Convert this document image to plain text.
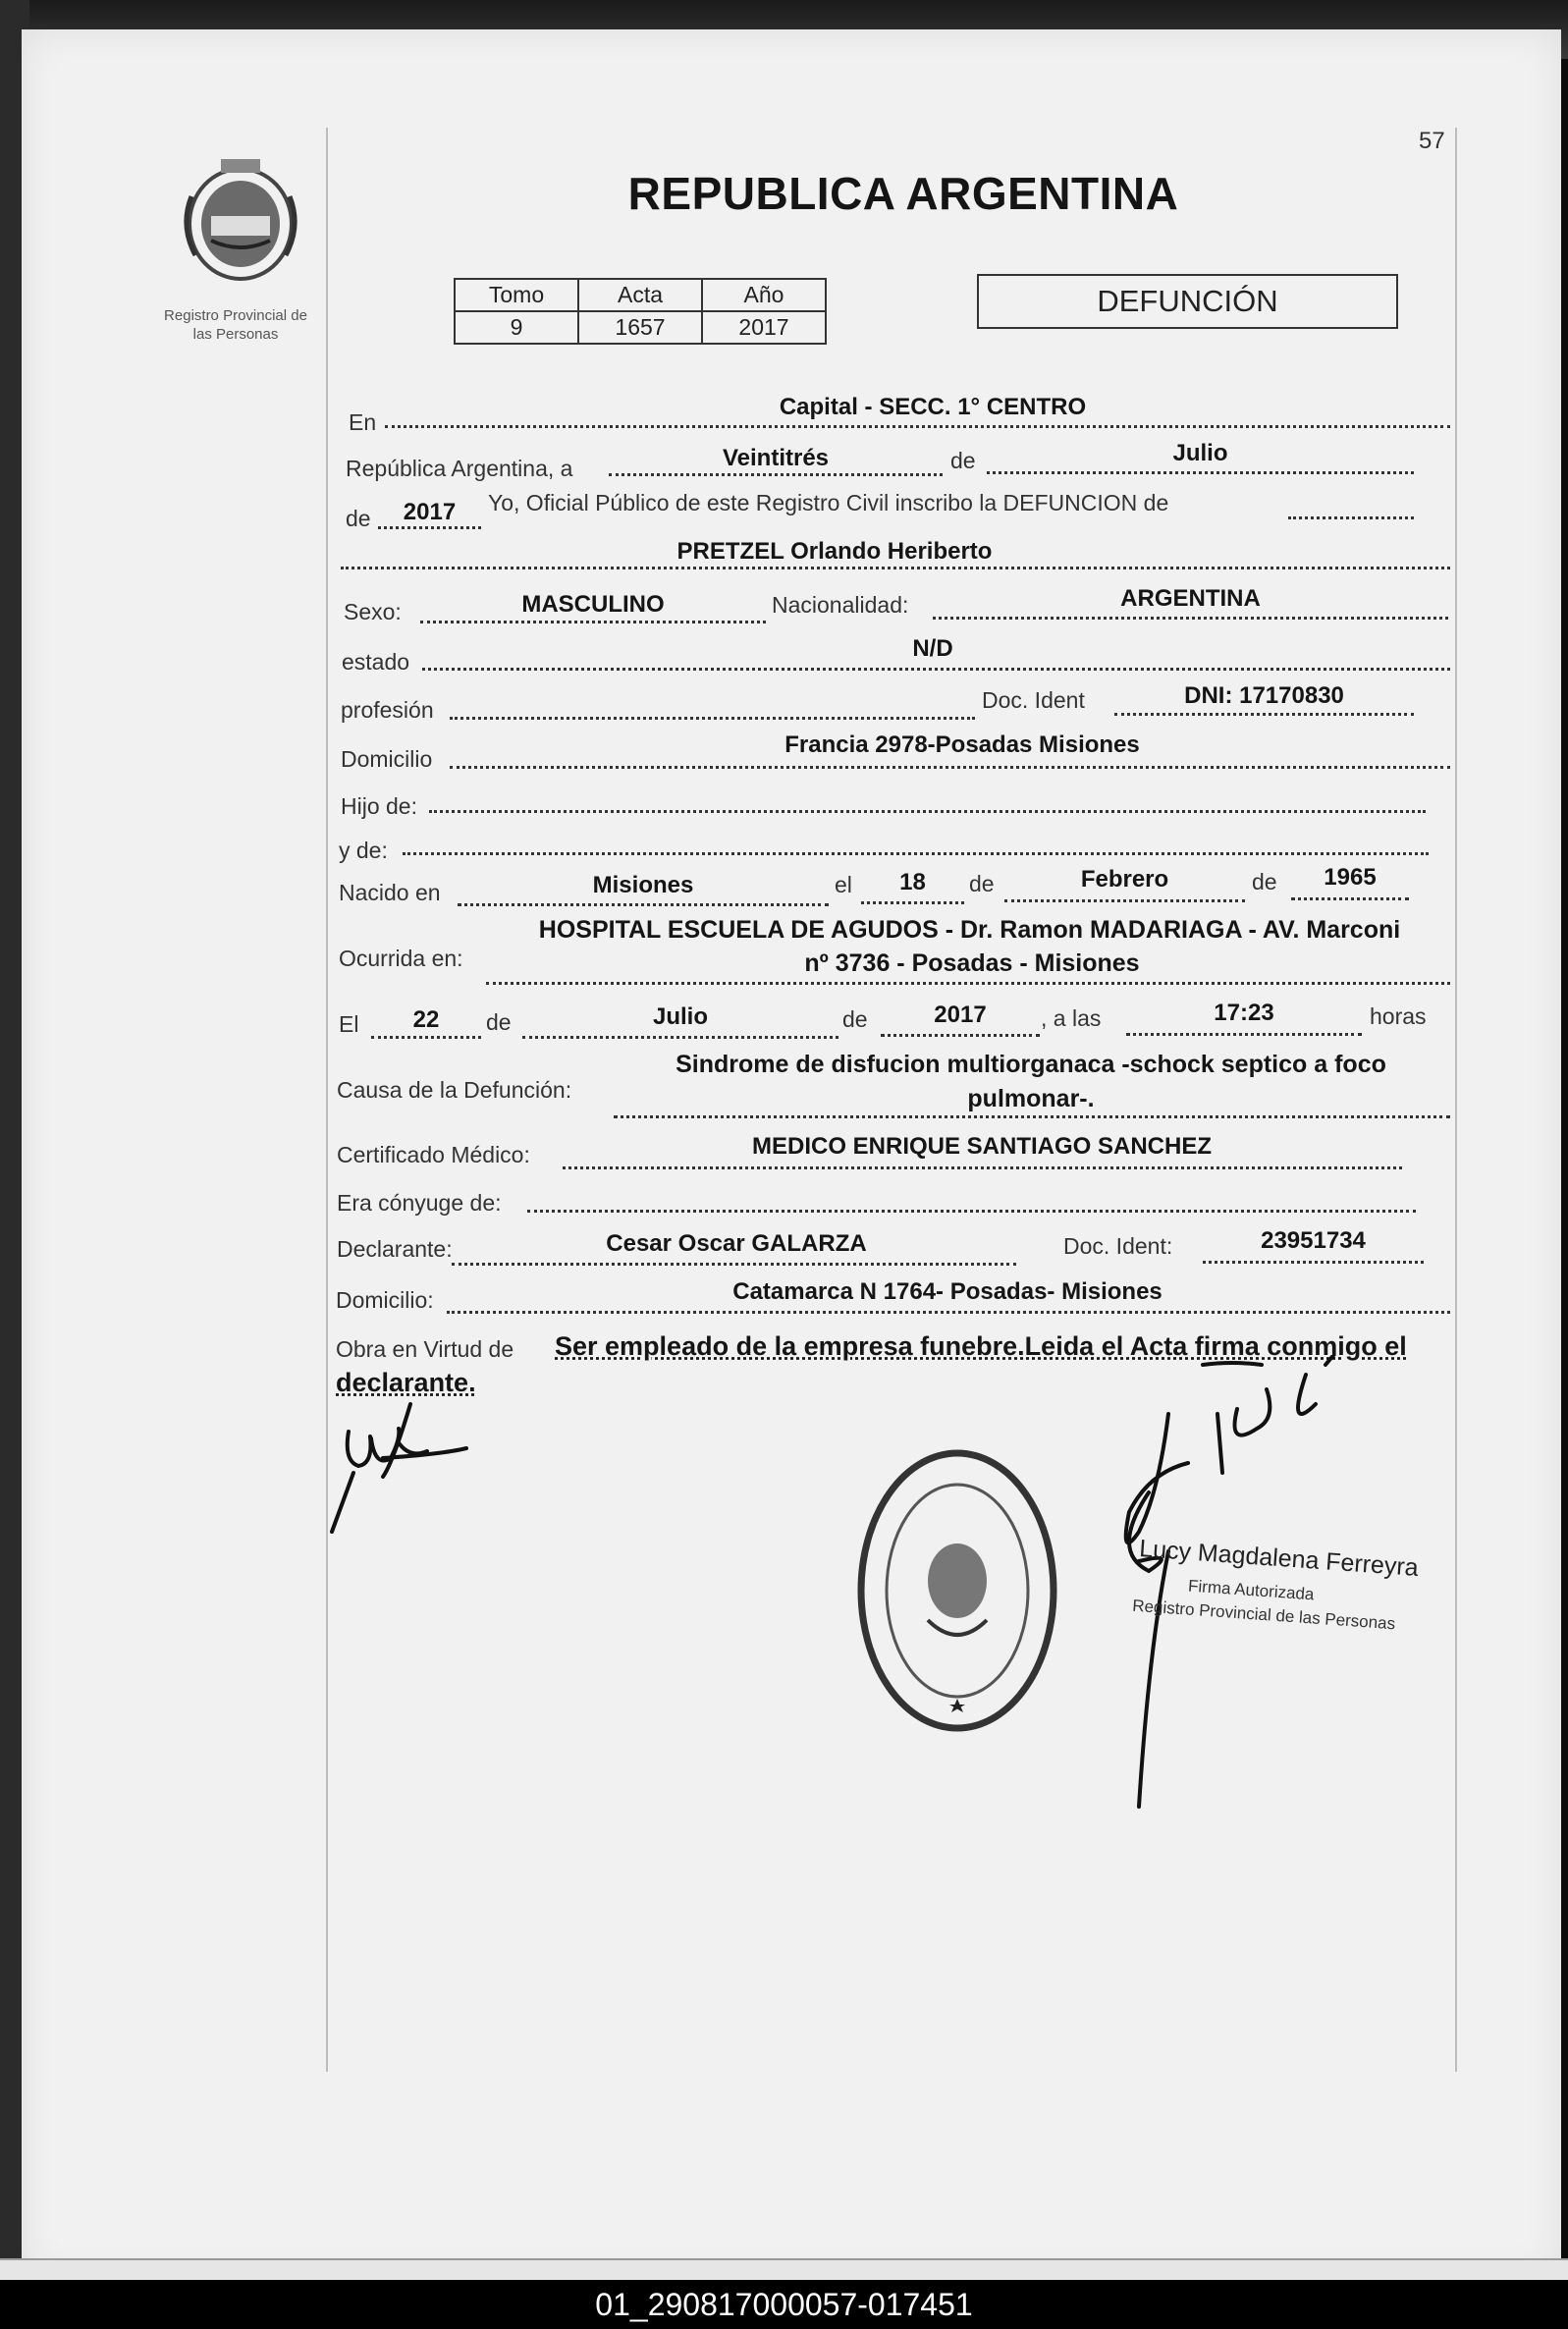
57
Registro Provincial de
las Personas
REPUBLICA ARGENTINA
Tomo	Acta	Año
9	1657	2017
DEFUNCIÓN
En
Capital - SECC. 1° CENTRO
República Argentina, a	Veintitrés	de	Julio
de	2017	Yo, Oficial Público de este Registro Civil inscribo la DEFUNCION de
PRETZEL Orlando Heriberto
Sexo:	MASCULINO	Nacionalidad:	ARGENTINA
estado	N/D
profesión	Doc. Ident	DNI: 17170830
Domicilio
Francia 2978-Posadas Misiones
Hijo de:
y de:
Nacido en	Misiones	el	18	de	Febrero	de	1965
Ocurrida en:
HOSPITAL ESCUELA DE AGUDOS - Dr. Ramon MADARIAGA - AV. Marconi
nº 3736 - Posadas - Misiones
El	22	de	Julio	de	2017	, a las	17:23	horas
Causa de la Defunción:
Sindrome de disfucion multiorganaca -schock septico a foco
pulmonar-.
Certificado Médico:	MEDICO ENRIQUE SANTIAGO SANCHEZ
Era cónyuge de:
Declarante:	Cesar Oscar GALARZA	Doc. Ident:	23951734
Domicilio:	Catamarca N 1764- Posadas- Misiones
Obra en Virtud de Ser empleado de la empresa funebre.Leida el Acta firma conmigo el
declarante.
Lucy Magdalena Ferreyra
Firma Autorizada
Registro Provincial de las Personas
01_290817000057-017451
